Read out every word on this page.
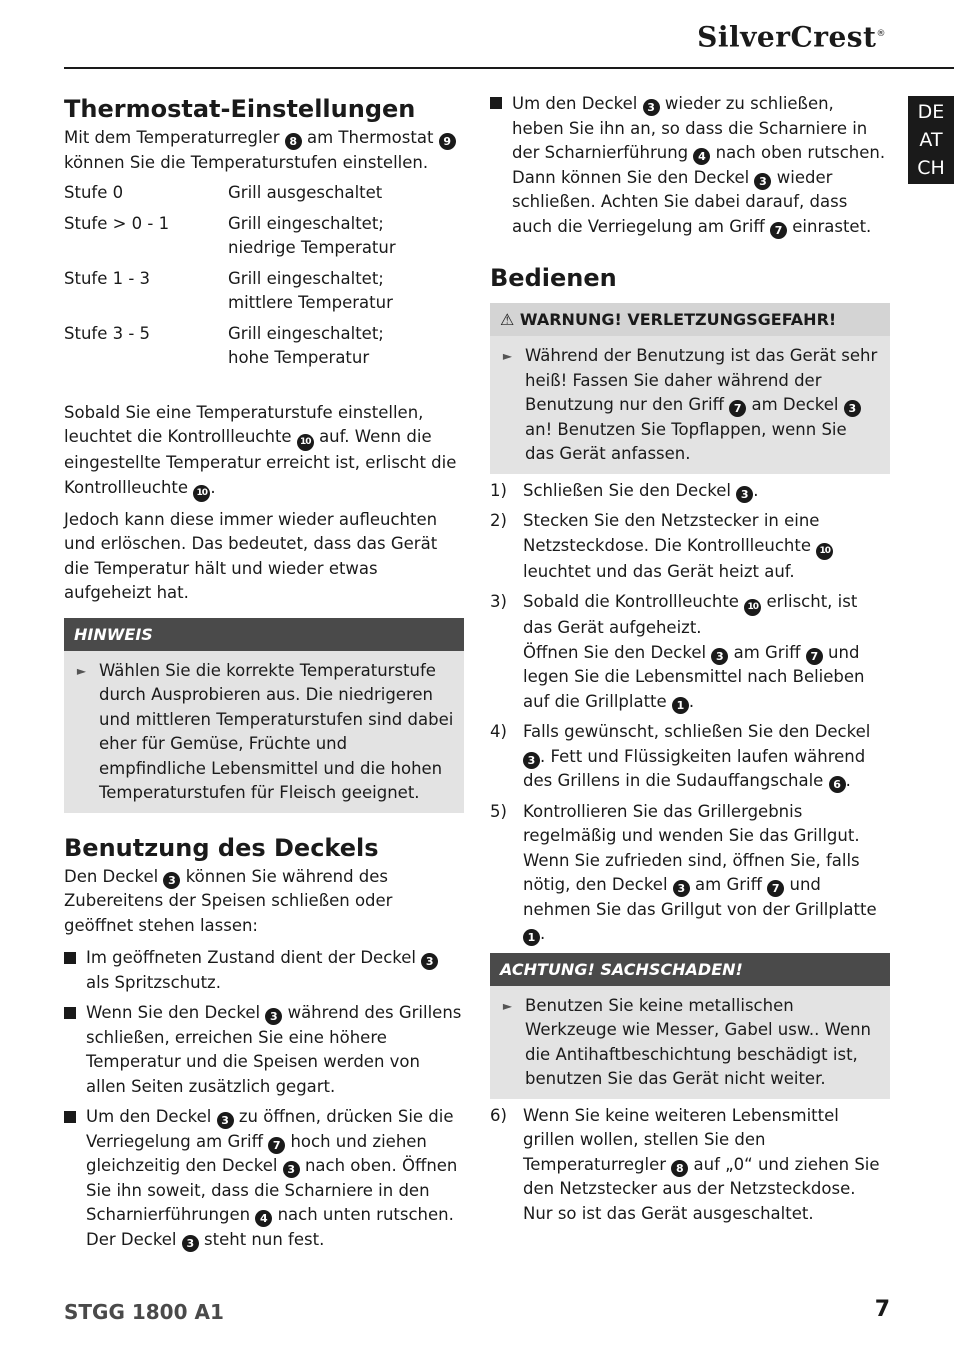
SilverCrest®
DE
AT
CH
Thermostat-Einstellungen

Mit dem Temperaturregler 8 am Thermostat 9 können Sie die Temperaturstufen einstellen.

Stufe 0	Grill ausgeschaltet
Stufe > 0 - 1	Grill eingeschaltet;
niedrige Temperatur
Stufe 1 - 3	Grill eingeschaltet;
mittlere Temperatur
Stufe 3 - 5	Grill eingeschaltet;
hohe Temperatur

Sobald Sie eine Temperaturstufe einstellen, leuchtet die Kontrollleuchte 10 auf. Wenn die eingestellte Temperatur erreicht ist, erlischt die Kontrollleuchte 10 .

Jedoch kann diese immer wieder aufleuchten und erlöschen. Das bedeutet, dass das Gerät die Temperatur hält und wieder etwas aufgeheizt hat.

HINWEIS
► Wählen Sie die korrekte Temperaturstufe durch Ausprobieren aus. Die niedrigeren und mittleren Temperaturstufen sind dabei eher für Gemüse, Früchte und empfindliche Lebensmittel und die hohen Temperaturstufen für Fleisch geeignet.
Benutzung des Deckels

Den Deckel 3 können Sie während des Zubereitens der Speisen schließen oder geöffnet stehen lassen:

Im geöffneten Zustand dient der Deckel 3 als Spritzschutz.
Wenn Sie den Deckel 3 während des Grillens schließen, erreichen Sie eine höhere Temperatur und die Speisen werden von allen Seiten zusätzlich gegart.
Um den Deckel 3 zu öffnen, drücken Sie die Verriegelung am Griff 7 hoch und ziehen gleichzeitig den Deckel 3 nach oben. Öffnen Sie ihn soweit, dass die Scharniere in den Scharnierführungen 4 nach unten rutschen. Der Deckel 3 steht nun fest.
Um den Deckel 3 wieder zu schließen, heben Sie ihn an, so dass die Scharniere in der Scharnierführung 4 nach oben rutschen. Dann können Sie den Deckel 3 wieder schließen. Achten Sie dabei darauf, dass auch die Verriegelung am Griff 7 einrastet.
Bedienen
⚠ WARNUNG! VERLETZUNGSGEFAHR!
► Während der Benutzung ist das Gerät sehr heiß! Fassen Sie daher während der Benutzung nur den Griff 7 am Deckel 3 an! Benutzen Sie Topflappen, wenn Sie das Gerät anfassen.
1) Schließen Sie den Deckel 3 .
2) Stecken Sie den Netzstecker in eine Netzsteckdose. Die Kontrollleuchte 10 leuchtet und das Gerät heizt auf.
3) Sobald die Kontrollleuchte 10 erlischt, ist das Gerät aufgeheizt.
Öffnen Sie den Deckel 3 am Griff 7 und legen Sie die Lebensmittel nach Belieben auf die Grillplatte 1 .
4) Falls gewünscht, schließen Sie den Deckel 3 . Fett und Flüssigkeiten laufen während des Grillens in die Sudauffangschale 6 .
5) Kontrollieren Sie das Grillergebnis regelmäßig und wenden Sie das Grillgut. Wenn Sie zufrieden sind, öffnen Sie, falls nötig, den Deckel 3 am Griff 7 und nehmen Sie das Grillgut von der Grillplatte 1 .
ACHTUNG! SACHSCHADEN!
► Benutzen Sie keine metallischen Werkzeuge wie Messer, Gabel usw.. Wenn die Antihaftbeschichtung beschädigt ist, benutzen Sie das Gerät nicht weiter.
6) Wenn Sie keine weiteren Lebensmittel grillen wollen, stellen Sie den Temperaturregler 8 auf „0“ und ziehen Sie den Netzstecker aus der Netzsteckdose. Nur so ist das Gerät ausgeschaltet.
STGG 1800 A1	7
